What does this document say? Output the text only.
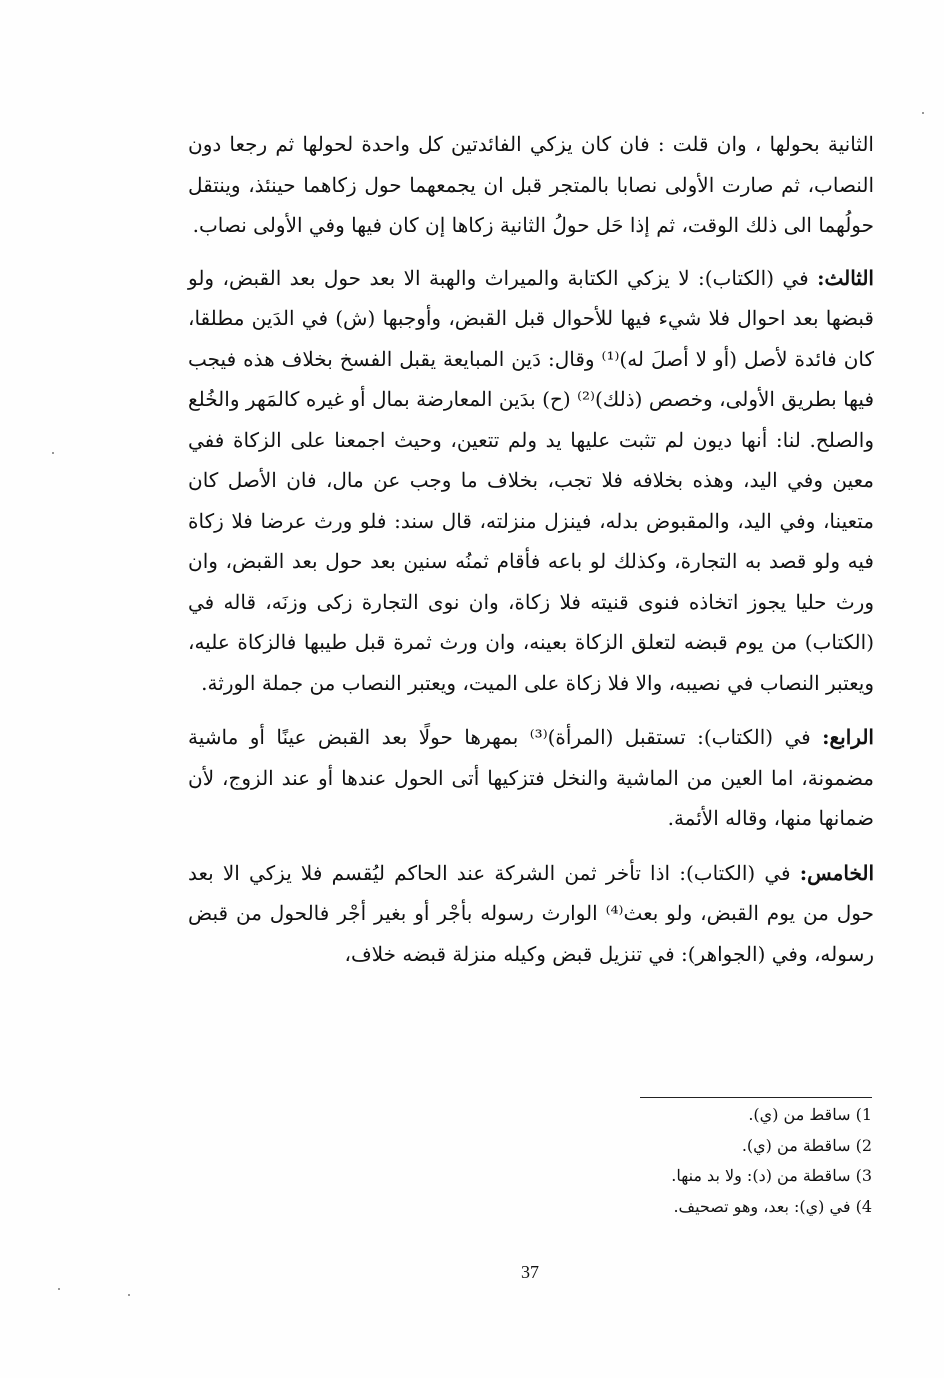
الثانية بحولها ، وان قلت : فان كان يزكي الفائدتين كل واحدة لحولها ثم رجعا دون النصاب، ثم صارت الأولى نصابا بالمتجر قبل ان يجمعهما حول زكاهما حينئذ، وينتقل حولُهما الى ذلك الوقت، ثم إذا حَل حولُ الثانية زكاها إن كان فيها وفي الأولى نصاب.

الثالث: في (الكتاب): لا يزكي الكتابة والميراث والهبة الا بعد حول بعد القبض، ولو قبضها بعد احوال فلا شيء فيها للأحوال قبل القبض، وأوجبها (ش) في الدَين مطلقا، كان فائدة لأصل (أو لا أصلَ له)⁽¹⁾ وقال: دَين المبايعة يقبل الفسخ بخلاف هذه فيجب فيها بطريق الأولى، وخصص (ذلك)⁽²⁾ (ح) بدَين المعارضة بمال أو غيره كالمَهر والخُلع والصلح. لنا: أنها ديون لم تثبت عليها يد ولم تتعين، وحيث اجمعنا على الزكاة ففي معين وفي اليد، وهذه بخلافه فلا تجب، بخلاف ما وجب عن مال، فان الأصل كان متعينا، وفي اليد، والمقبوض بدله، فينزل منزلته، قال سند: فلو ورث عرضا فلا زكاة فيه ولو قصد به التجارة، وكذلك لو باعه فأقام ثمنُه سنين بعد حول بعد القبض، وان ورث حليا يجوز اتخاذه فنوى قنيته فلا زكاة، وان نوى التجارة زكى وزنَه، قاله في (الكتاب) من يوم قبضه لتعلق الزكاة بعينه، وان ورث ثمرة قبل طيبها فالزكاة عليه، ويعتبر النصاب في نصيبه، والا فلا زكاة على الميت، ويعتبر النصاب من جملة الورثة.

الرابع: في (الكتاب): تستقبل (المرأة)⁽³⁾ بمهرها حولًا بعد القبض عينًا أو ماشية مضمونة، اما العين من الماشية والنخل فتزكيها أتى الحول عندها أو عند الزوج، لأن ضمانها منها، وقاله الأئمة.

الخامس: في (الكتاب): اذا تأخر ثمن الشركة عند الحاكم ليُقسم فلا يزكي الا بعد حول من يوم القبض، ولو بعث⁽⁴⁾ الوارث رسوله بأجْر أو بغير أجْر فالحول من قبض رسوله، وفي (الجواهر): في تنزيل قبض وكيله منزلة قبضه خلاف،

1) ساقط من (ي).

2) ساقطة من (ي).

3) ساقطة من (د): ولا بد منها.

4) في (ي): بعد، وهو تصحيف.

37
